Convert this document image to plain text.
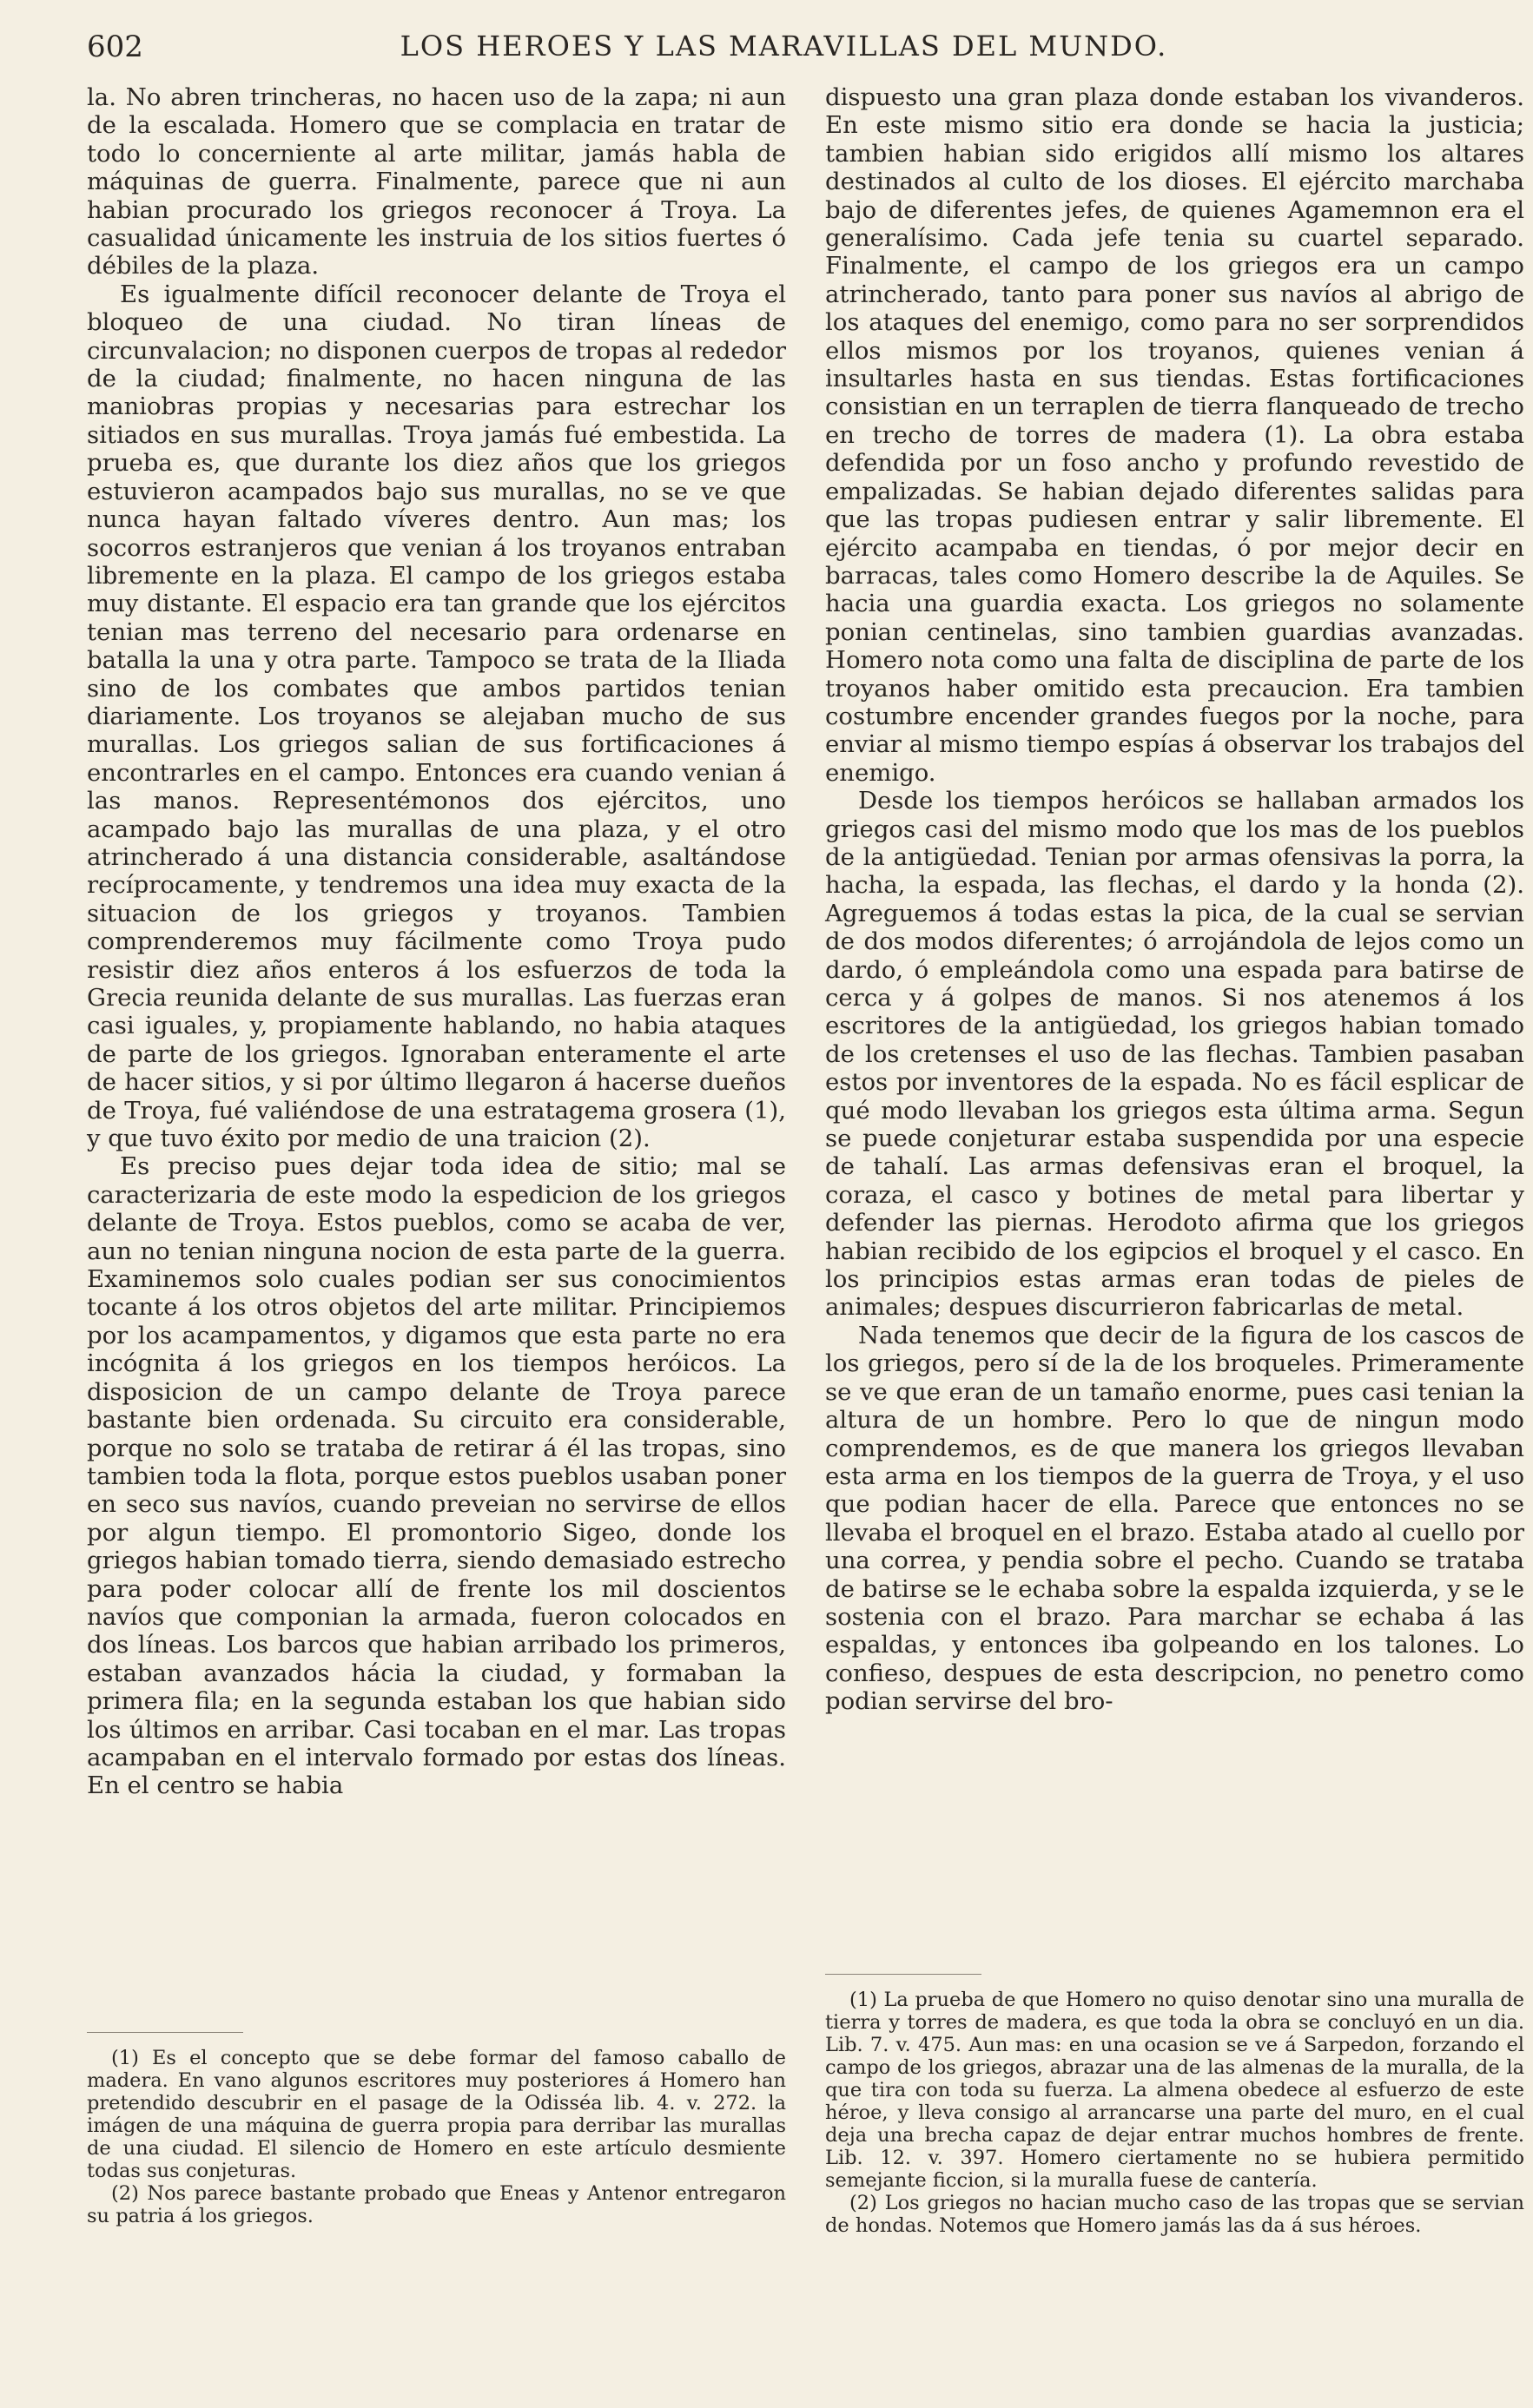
602	LOS HEROES Y LAS MARAVILLAS DEL MUNDO.

la. No abren trincheras, no hacen uso de la zapa; ni aun de la escalada. Homero que se complacia en tratar de todo lo concerniente al arte militar, jamás habla de máquinas de guerra. Finalmente, parece que ni aun habian procurado los griegos reconocer á Troya. La casualidad únicamente les instruia de los sitios fuertes ó débiles de la plaza.

Es igualmente difícil reconocer delante de Troya el bloqueo de una ciudad. No tiran líneas de circunvalacion; no disponen cuerpos de tropas al rededor de la ciudad; finalmente, no hacen ninguna de las maniobras propias y necesarias para estrechar los sitiados en sus murallas. Troya jamás fué embestida. La prueba es, que durante los diez años que los griegos estuvieron acampados bajo sus murallas, no se ve que nunca hayan faltado víveres dentro. Aun mas; los socorros estranjeros que venian á los troyanos entraban libremente en la plaza. El campo de los griegos estaba muy distante. El espacio era tan grande que los ejércitos tenian mas terreno del necesario para ordenarse en batalla la una y otra parte. Tampoco se trata de la Iliada sino de los combates que ambos partidos tenian diariamente. Los troyanos se alejaban mucho de sus murallas. Los griegos salian de sus fortificaciones á encontrarles en el campo. Entonces era cuando venian á las manos. Representémonos dos ejércitos, uno acampado bajo las murallas de una plaza, y el otro atrincherado á una distancia considerable, asaltándose recíprocamente, y tendremos una idea muy exacta de la situacion de los griegos y troyanos. Tambien comprenderemos muy fácilmente como Troya pudo resistir diez años enteros á los esfuerzos de toda la Grecia reunida delante de sus murallas. Las fuerzas eran casi iguales, y, propiamente hablando, no habia ataques de parte de los griegos. Ignoraban enteramente el arte de hacer sitios, y si por último llegaron á hacerse dueños de Troya, fué valiéndose de una estratagema grosera (1), y que tuvo éxito por medio de una traicion (2).

Es preciso pues dejar toda idea de sitio; mal se caracterizaria de este modo la espedicion de los griegos delante de Troya. Estos pueblos, como se acaba de ver, aun no tenian ninguna nocion de esta parte de la guerra. Examinemos solo cuales podian ser sus conocimientos tocante á los otros objetos del arte militar. Principiemos por los acampamentos, y digamos que esta parte no era incógnita á los griegos en los tiempos heróicos. La disposicion de un campo delante de Troya parece bastante bien ordenada. Su circuito era considerable, porque no solo se trataba de retirar á él las tropas, sino tambien toda la flota, porque estos pueblos usaban poner en seco sus navíos, cuando preveian no servirse de ellos por algun tiempo. El promontorio Sigeo, donde los griegos habian tomado tierra, siendo demasiado estrecho para poder colocar allí de frente los mil doscientos navíos que componian la armada, fueron colocados en dos líneas. Los barcos que habian arribado los primeros, estaban avanzados hácia la ciudad, y formaban la primera fila; en la segunda estaban los que habian sido los últimos en arribar. Casi tocaban en el mar. Las tropas acampaban en el intervalo formado por estas dos líneas. En el centro se habia

dispuesto una gran plaza donde estaban los vivanderos. En este mismo sitio era donde se hacia la justicia; tambien habian sido erigidos allí mismo los altares destinados al culto de los dioses. El ejército marchaba bajo de diferentes jefes, de quienes Agamemnon era el generalísimo. Cada jefe tenia su cuartel separado. Finalmente, el campo de los griegos era un campo atrincherado, tanto para poner sus navíos al abrigo de los ataques del enemigo, como para no ser sorprendidos ellos mismos por los troyanos, quienes venian á insultarles hasta en sus tiendas. Estas fortificaciones consistian en un terraplen de tierra flanqueado de trecho en trecho de torres de madera (1). La obra estaba defendida por un foso ancho y profundo revestido de empalizadas. Se habian dejado diferentes salidas para que las tropas pudiesen entrar y salir libremente. El ejército acampaba en tiendas, ó por mejor decir en barracas, tales como Homero describe la de Aquiles. Se hacia una guardia exacta. Los griegos no solamente ponian centinelas, sino tambien guardias avanzadas. Homero nota como una falta de disciplina de parte de los troyanos haber omitido esta precaucion. Era tambien costumbre encender grandes fuegos por la noche, para enviar al mismo tiempo espías á observar los trabajos del enemigo.

Desde los tiempos heróicos se hallaban armados los griegos casi del mismo modo que los mas de los pueblos de la antigüedad. Tenian por armas ofensivas la porra, la hacha, la espada, las flechas, el dardo y la honda (2). Agreguemos á todas estas la pica, de la cual se servian de dos modos diferentes; ó arrojándola de lejos como un dardo, ó empleándola como una espada para batirse de cerca y á golpes de manos. Si nos atenemos á los escritores de la antigüedad, los griegos habian tomado de los cretenses el uso de las flechas. Tambien pasaban estos por inventores de la espada. No es fácil esplicar de qué modo llevaban los griegos esta última arma. Segun se puede conjeturar estaba suspendida por una especie de tahalí. Las armas defensivas eran el broquel, la coraza, el casco y botines de metal para libertar y defender las piernas. Herodoto afirma que los griegos habian recibido de los egipcios el broquel y el casco. En los principios estas armas eran todas de pieles de animales; despues discurrieron fabricarlas de metal.

Nada tenemos que decir de la figura de los cascos de los griegos, pero sí de la de los broqueles. Primeramente se ve que eran de un tamaño enorme, pues casi tenian la altura de un hombre. Pero lo que de ningun modo comprendemos, es de que manera los griegos llevaban esta arma en los tiempos de la guerra de Troya, y el uso que podian hacer de ella. Parece que entonces no se llevaba el broquel en el brazo. Estaba atado al cuello por una correa, y pendia sobre el pecho. Cuando se trataba de batirse se le echaba sobre la espalda izquierda, y se le sostenia con el brazo. Para marchar se echaba á las espaldas, y entonces iba golpeando en los talones. Lo confieso, despues de esta descripcion, no penetro como podian servirse del bro-

(1) Es el concepto que se debe formar del famoso caballo de madera. En vano algunos escritores muy posteriores á Homero han pretendido descubrir en el pasage de la Odisséa lib. 4. v. 272. la imágen de una máquina de guerra propia para derribar las murallas de una ciudad. El silencio de Homero en este artículo desmiente todas sus conjeturas.

(2) Nos parece bastante probado que Eneas y Antenor entregaron su patria á los griegos.

(1) La prueba de que Homero no quiso denotar sino una muralla de tierra y torres de madera, es que toda la obra se concluyó en un dia. Lib. 7. v. 475. Aun mas: en una ocasion se ve á Sarpedon, forzando el campo de los griegos, abrazar una de las almenas de la muralla, de la que tira con toda su fuerza. La almena obedece al esfuerzo de este héroe, y lleva consigo al arrancarse una parte del muro, en el cual deja una brecha capaz de dejar entrar muchos hombres de frente. Lib. 12. v. 397. Homero ciertamente no se hubiera permitido semejante ficcion, si la muralla fuese de cantería.

(2) Los griegos no hacian mucho caso de las tropas que se servian de hondas. Notemos que Homero jamás las da á sus héroes.
